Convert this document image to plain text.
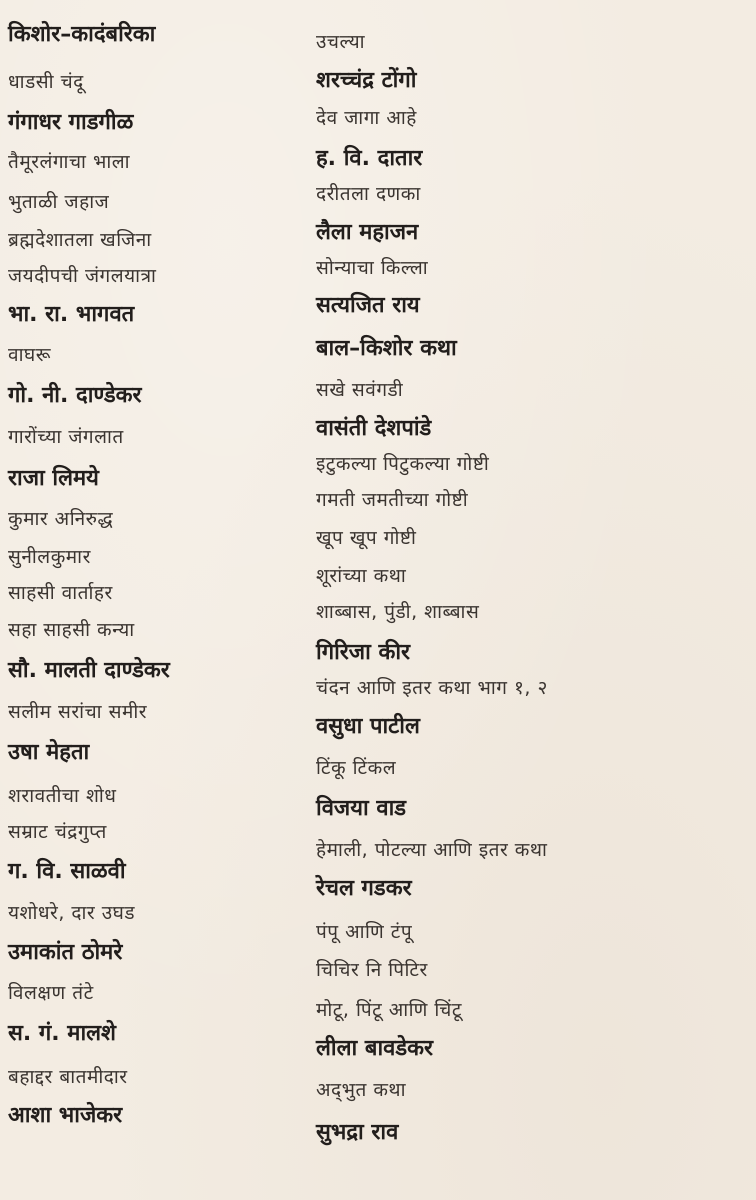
किशोर–कादंबरिका
धाडसी चंदू
गंगाधर गाडगीळ
तैमूरलंगाचा भाला
भुताळी जहाज
ब्रह्मदेशातला खजिना
जयदीपची जंगलयात्रा
भा. रा. भागवत
वाघरू
गो. नी. दाण्डेकर
गारोंच्या जंगलात
राजा लिमये
कुमार अनिरुद्ध
सुनीलकुमार
साहसी वार्ताहर
सहा साहसी कन्या
सौ. मालती दाण्डेकर
सलीम सरांचा समीर
उषा मेहता
शरावतीचा शोध
सम्राट चंद्रगुप्त
ग. वि. साळवी
यशोधरे, दार उघड
उमाकांत ठोमरे
विलक्षण तंटे
स. गं. मालशे
बहाद्दर बातमीदार
आशा भाजेकर
उचल्या
शरच्चंद्र टोंगो
देव जागा आहे
ह. वि. दातार
दरीतला दणका
लैला महाजन
सोन्याचा किल्ला
सत्यजित राय
बाल–किशोर कथा
सखे सवंगडी
वासंती देशपांडे
इटुकल्या पिटुकल्या गोष्टी
गमती जमतीच्या गोष्टी
खूप खूप गोष्टी
शूरांच्या कथा
शाब्बास, पुंडी, शाब्बास
गिरिजा कीर
चंदन आणि इतर कथा भाग १, २
वसुधा पाटील
टिंकू टिंकल
विजया वाड
हेमाली, पोटल्या आणि इतर कथा
रेचल गडकर
पंपू आणि टंपू
चिचिर नि पिटिर
मोटू, पिंटू आणि चिंटू
लीला बावडेकर
अद्‌भुत कथा
सुभद्रा राव
